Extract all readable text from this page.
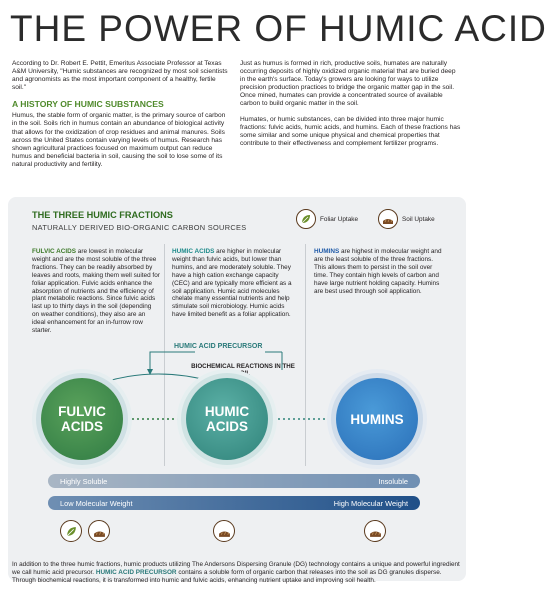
THE POWER OF HUMIC ACID

According to Dr. Robert E. Pettit, Emeritus Associate Professor at Texas A&M University, "Humic substances are recognized by most soil scientists and agronomists as the most important component of a healthy, fertile soil."

A HISTORY OF HUMIC SUBSTANCES

Humus, the stable form of organic matter, is the primary source of carbon in the soil. Soils rich in humus contain an abundance of biological activity that allows for the oxidization of crop residues and animal manures. Soils across the United States contain varying levels of humus. Research has shown agricultural practices focused on maximum output can reduce humus and beneficial bacteria in soil, causing the soil to lose some of its natural productivity and fertility.

Just as humus is formed in rich, productive soils, humates are naturally occurring deposits of highly oxidized organic material that are buried deep in the earth's surface. Today's growers are looking for ways to utilize precision production practices to bridge the organic matter gap in the soil. Once mined, humates can provide a concentrated source of available carbon to build organic matter in the soil.

Humates, or humic substances, can be divided into three major humic fractions: fulvic acids, humic acids, and humins. Each of these fractions has some similar and some unique physical and chemical properties that contribute to their effectiveness and complement fertilizer programs.

THE THREE HUMIC FRACTIONS
NATURALLY DERIVED BIO-ORGANIC CARBON SOURCES
Foliar Uptake	Soil Uptake
FULVIC ACIDS are lowest in molecular weight and are the most soluble of the three fractions. They can be readily absorbed by leaves and roots, making them well suited for foliar application. Fulvic acids enhance the absorption of nutrients and the efficiency of plant metabolic reactions. Since fulvic acids last up to thirty days in the soil (depending on weather conditions), they also are an ideal enhancement for an in-furrow row starter.
HUMIC ACIDS are higher in molecular weight than fulvic acids, but lower than humins, and are moderately soluble. They have a high cation exchange capacity (CEC) and are typically more efficient as a soil application. Humic acid molecules chelate many essential nutrients and help stimulate soil microbiology. Humic acids have limited benefit as a foliar application.
HUMINS are highest in molecular weight and are the least soluble of the three fractions. This allows them to persist in the soil over time. They contain high levels of carbon and have large nutrient holding capacity. Humins are best used through soil application.
HUMIC ACID PRECURSOR
BIOCHEMICAL REACTIONS IN THE SOIL
FULVIC ACIDS
HUMIC ACIDS	HUMINS
Highly Soluble	Insoluble
Low Molecular Weight	High Molecular Weight
In addition to the three humic fractions, humic products utilizing The Andersons Dispersing Granule (DG) technology contains a unique and powerful ingredient we call humic acid precursor. HUMIC ACID PRECURSOR contains a soluble form of organic carbon that releases into the soil as DG granules disperse. Through biochemical reactions, it is transformed into humic and fulvic acids, enhancing nutrient uptake and improving soil health.
